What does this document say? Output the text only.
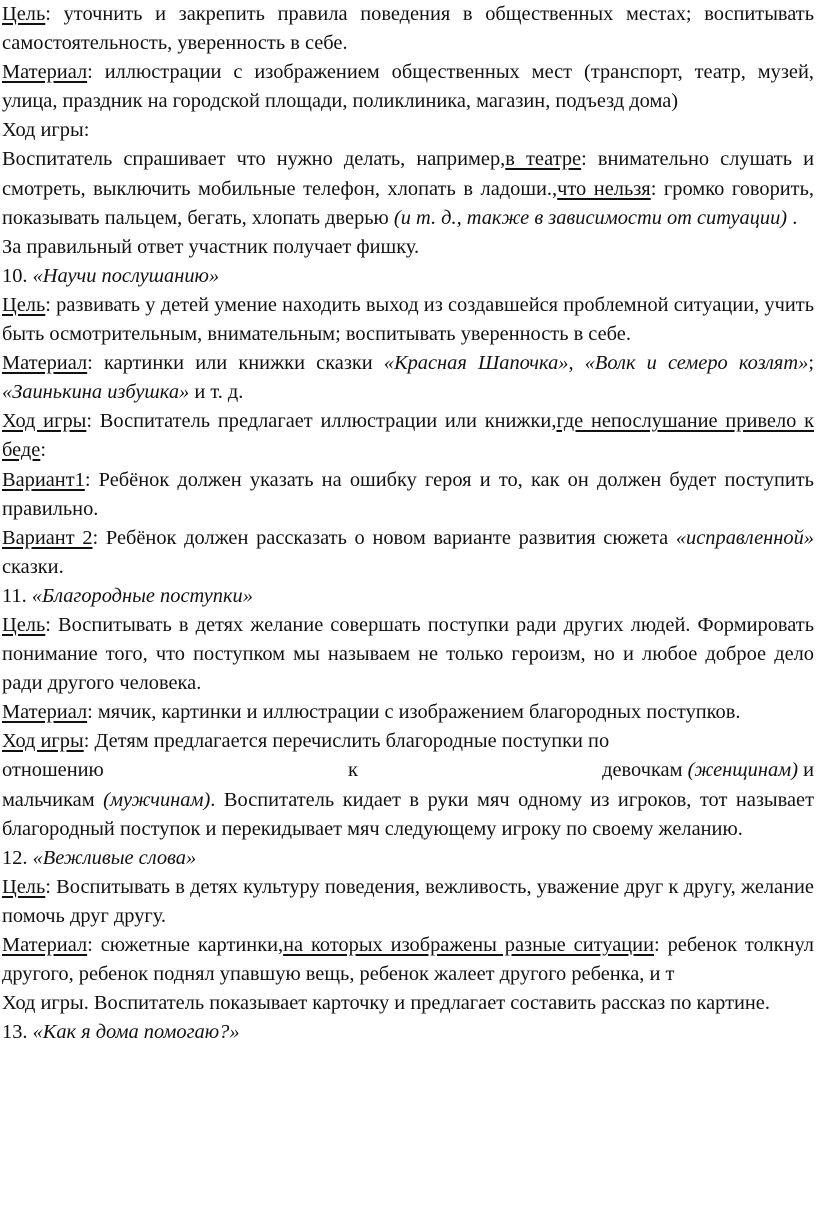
Цель: уточнить и закрепить правила поведения в общественных местах; воспитывать самостоятельность, уверенность в себе.

Материал: иллюстрации с изображением общественных мест (транспорт, театр, музей, улица, праздник на городской площади, поликлиника, магазин, подъезд дома)

Ход игры:

Воспитатель спрашивает что нужно делать, например,в театре: внимательно слушать и смотреть, выключить мобильные телефон, хлопать в ладоши.,что нельзя: громко говорить, показывать пальцем, бегать, хлопать дверью (и т. д., также в зависимости от ситуации) .

За правильный ответ участник получает фишку.

10. «Научи послушанию»

Цель: развивать у детей умение находить выход из создавшейся проблемной ситуации, учить быть осмотрительным, внимательным; воспитывать уверенность в себе.

Материал: картинки или книжки сказки «Красная Шапочка», «Волк и семеро козлят»; «Заинькина избушка» и т. д.

Ход игры: Воспитатель предлагает иллюстрации или книжки,где непослушание привело к беде:

Вариант1: Ребёнок должен указать на ошибку героя и то, как он должен будет поступить правильно.

Вариант 2: Ребёнок должен рассказать о новом варианте развития сюжета «исправленной» сказки.

11. «Благородные поступки»

Цель: Воспитывать в детях желание совершать поступки ради других людей. Формировать понимание того, что поступком мы называем не только героизм, но и любое доброе дело ради другого человека.

Материал: мячик, картинки и иллюстрации с изображением благородных поступков.

Ход игры: Детям предлагается перечислить благородные поступки по

отношению	к	девочкам (женщинам) и

мальчикам (мужчинам). Воспитатель кидает в руки мяч одному из игроков, тот называет благородный поступок и перекидывает мяч следующему игроку по своему желанию.

12. «Вежливые слова»

Цель: Воспитывать в детях культуру поведения, вежливость, уважение друг к другу, желание помочь друг другу.

Материал: сюжетные картинки,на которых изображены разные ситуации: ребенок толкнул другого, ребенок поднял упавшую вещь, ребенок жалеет другого ребенка, и т

Ход игры. Воспитатель показывает карточку и предлагает составить рассказ по картине.

13. «Как я дома помогаю?»
